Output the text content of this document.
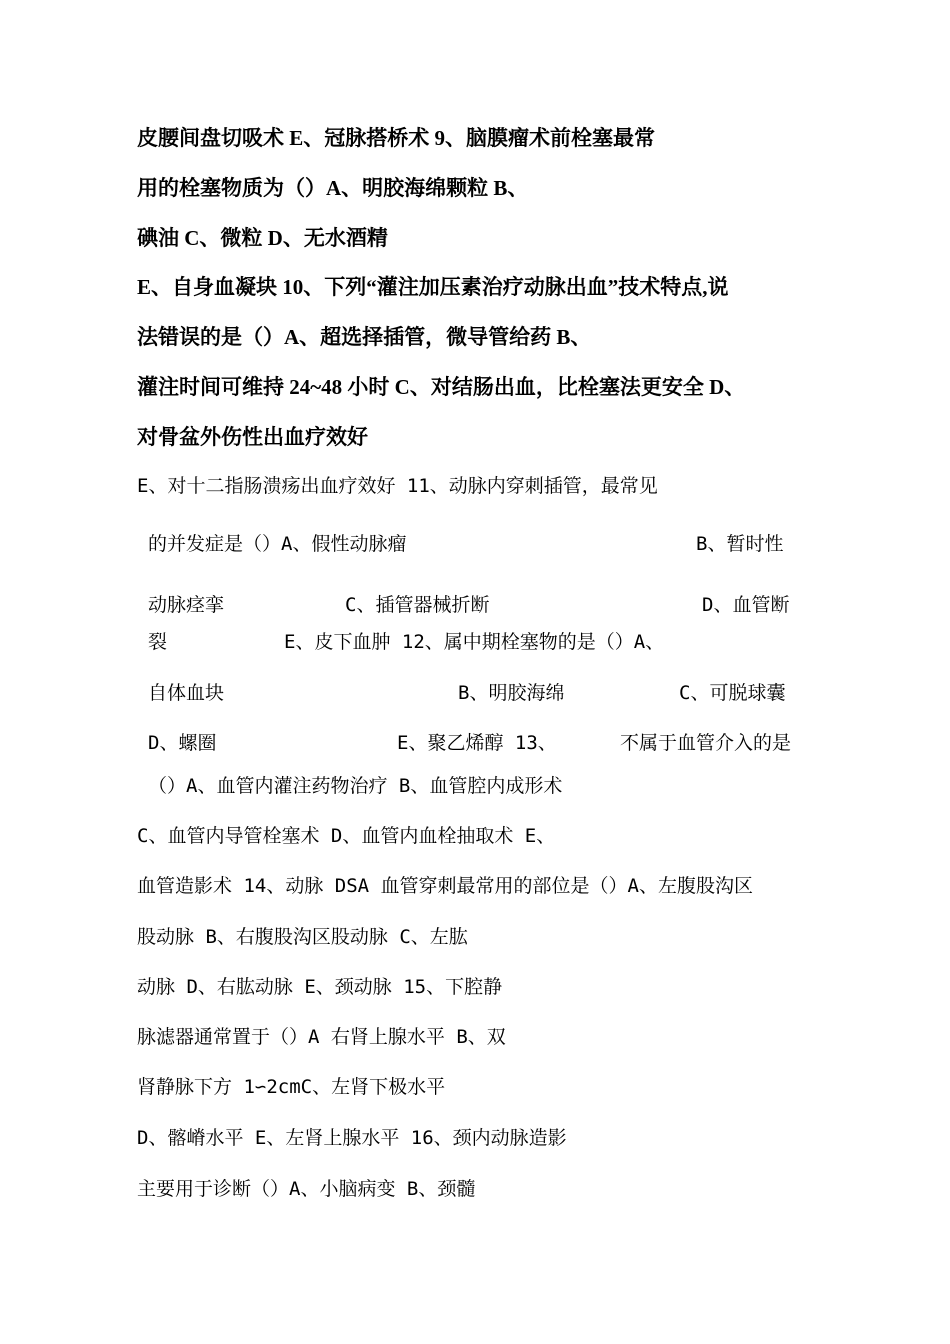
皮腰间盘切吸术 E、冠脉搭桥术 9、脑膜瘤术前栓塞最常
用的栓塞物质为（）A、明胶海绵颗粒 B、
碘油 C、微粒 D、无水酒精
E、自身血凝块 10、下列“灌注加压素治疗动脉出血”技术特点,说
法错误的是（）A、超选择插管，微导管给药 B、
灌注时间可维持 24~48 小时 C、对结肠出血，比栓塞法更安全 D、
对骨盆外伤性出血疗效好
E、对十二指肠溃疡出血疗效好 11、动脉内穿刺插管，最常见
的并发症是（）A、假性动脉瘤	B、暂时性
动脉痉挛	C、插管器械折断	D、血管断
裂	E、皮下血肿 12、属中期栓塞物的是（）A、
自体血块	B、明胶海绵	C、可脱球囊
D、螺圈	E、聚乙烯醇 13、	不属于血管介入的是
（）A、血管内灌注药物治疗 B、血管腔内成形术
C、血管内导管栓塞术 D、血管内血栓抽取术 E、
血管造影术 14、动脉 DSA 血管穿刺最常用的部位是（）A、左腹股沟区
股动脉 B、右腹股沟区股动脉 C、左肱
动脉 D、右肱动脉 E、颈动脉 15、下腔静
脉滤器通常置于（）A 右肾上腺水平 B、双
肾静脉下方 1∽2cmC、左肾下极水平
D、髂嵴水平 E、左肾上腺水平 16、颈内动脉造影
主要用于诊断（）A、小脑病变 B、颈髓
